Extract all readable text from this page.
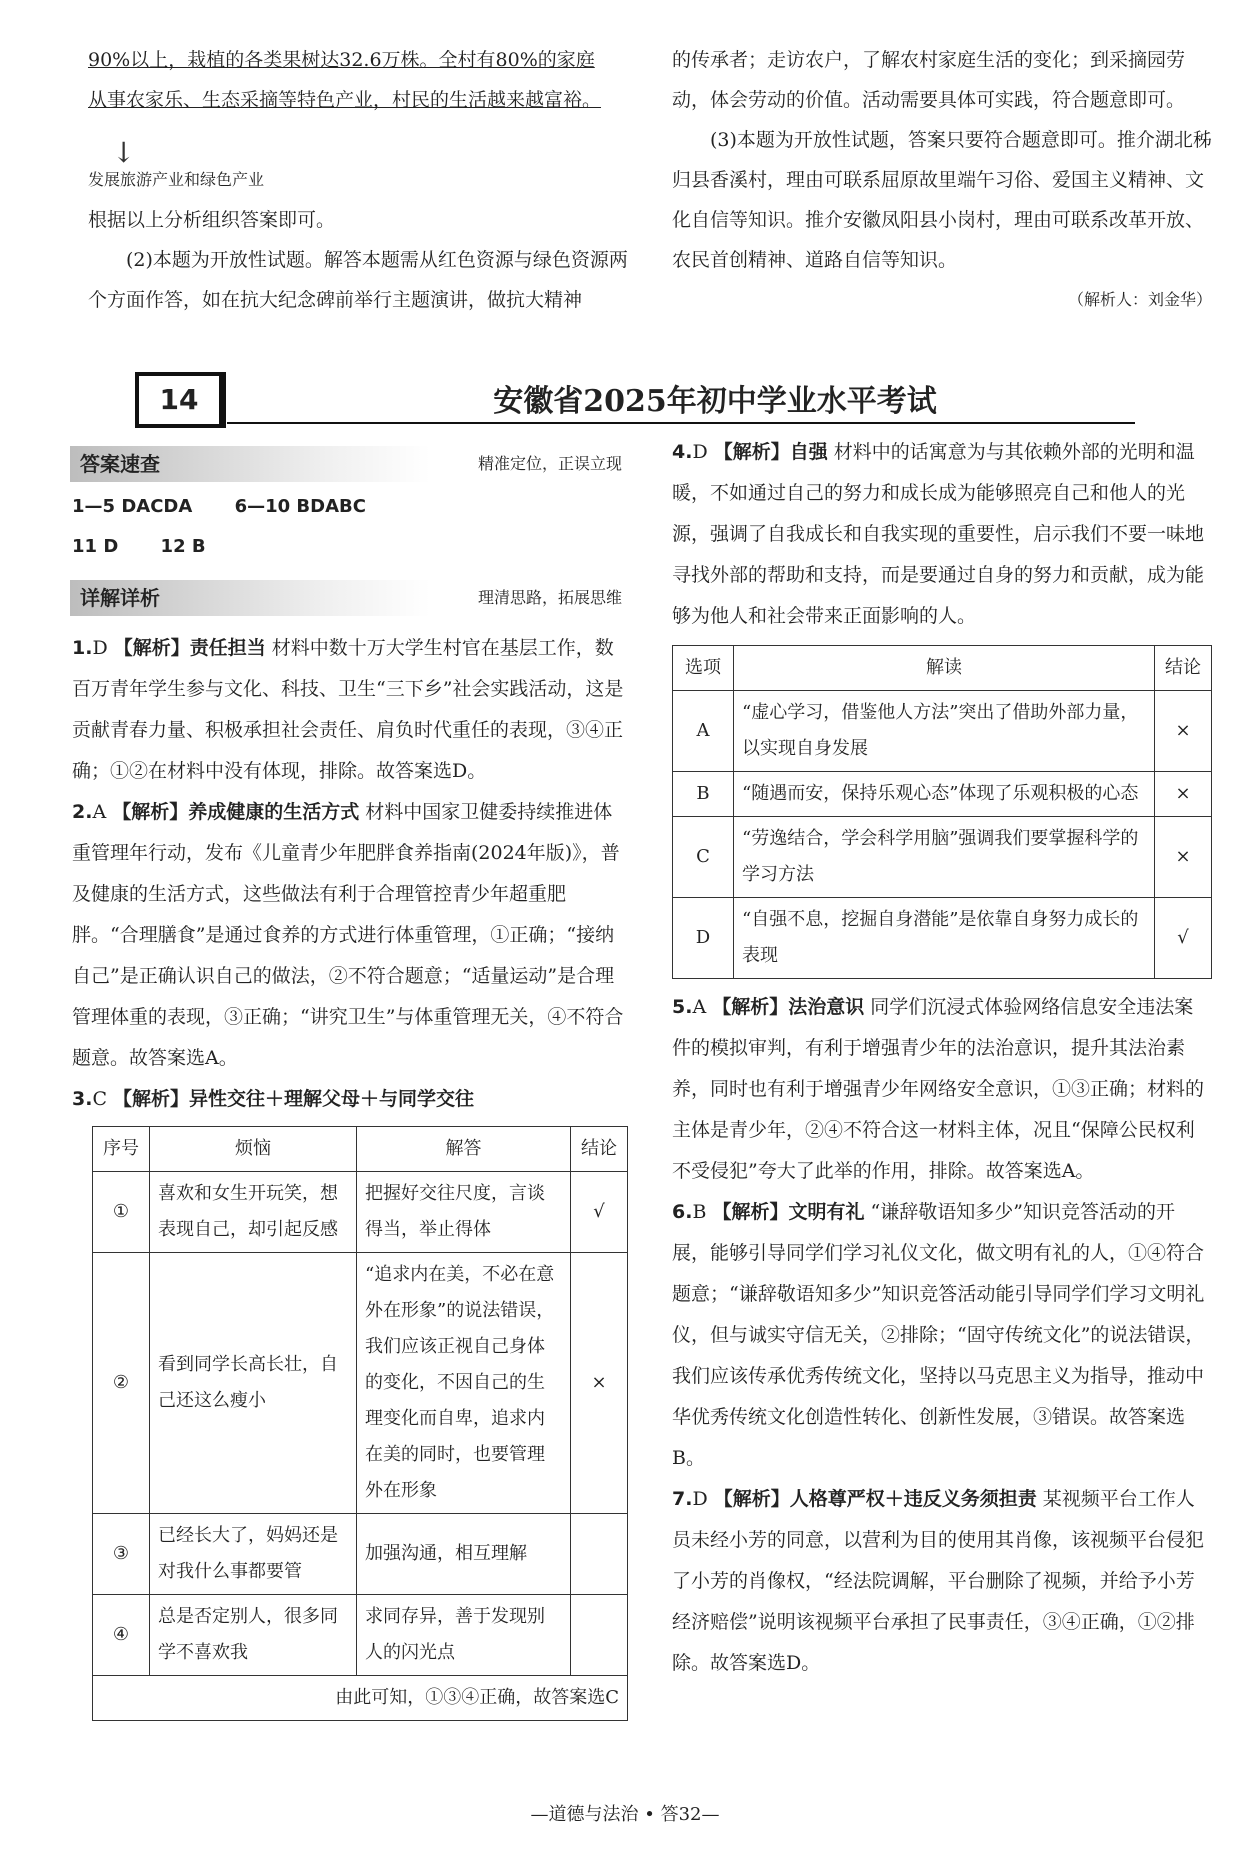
90%以上，栽植的各类果树达32.6万株。全村有80%的家庭

从事农家乐、生态采摘等特色产业，村民的生活越来越富裕。

发展旅游产业和绿色产业

根据以上分析组织答案即可。

(2)本题为开放性试题。解答本题需从红色资源与绿色资源两个方面作答，如在抗大纪念碑前举行主题演讲，做抗大精神

↓

的传承者；走访农户，了解农村家庭生活的变化；到采摘园劳动，体会劳动的价值。活动需要具体可实践，符合题意即可。

(3)本题为开放性试题，答案只要符合题意即可。推介湖北秭归县香溪村，理由可联系屈原故里端午习俗、爱国主义精神、文化自信等知识。推介安徽凤阳县小岗村，理由可联系改革开放、农民首创精神、道路自信等知识。

（解析人：刘金华）

14	安徽省2025年初中学业水平考试
答案速查	精准定位，正误立现
1—5 DACDA 6—10 BDABC
11 D 12 B
详解详析	理清思路，拓展思维

1.D 【解析】责任担当 材料中数十万大学生村官在基层工作，数百万青年学生参与文化、科技、卫生“三下乡”社会实践活动，这是贡献青春力量、积极承担社会责任、肩负时代重任的表现，③④正确；①②在材料中没有体现，排除。故答案选D。

2.A 【解析】养成健康的生活方式 材料中国家卫健委持续推进体重管理年行动，发布《儿童青少年肥胖食养指南(2024年版)》，普及健康的生活方式，这些做法有利于合理管控青少年超重肥胖。“合理膳食”是通过食养的方式进行体重管理，①正确；“接纳自己”是正确认识自己的做法，②不符合题意；“适量运动”是合理管理体重的表现，③正确；“讲究卫生”与体重管理无关，④不符合题意。故答案选A。

3.C 【解析】异性交往＋理解父母＋与同学交往

序号	烦恼	解答	结论
①	喜欢和女生开玩笑，想表现自己，却引起反感	把握好交往尺度，言谈得当，举止得体	√
②	看到同学长高长壮，自己还这么瘦小	“追求内在美，不必在意外在形象”的说法错误，我们应该正视自己身体的变化，不因自己的生理变化而自卑，追求内在美的同时，也要管理外在形象	×
③	已经长大了，妈妈还是对我什么事都要管	加强沟通，相互理解	
④	总是否定别人，很多同学不喜欢我	求同存异，善于发现别人的闪光点	
由此可知，①③④正确，故答案选C			

4.D 【解析】自强 材料中的话寓意为与其依赖外部的光明和温暖，不如通过自己的努力和成长成为能够照亮自己和他人的光源，强调了自我成长和自我实现的重要性，启示我们不要一味地寻找外部的帮助和支持，而是要通过自身的努力和贡献，成为能够为他人和社会带来正面影响的人。

选项	解读	结论
A	“虚心学习，借鉴他人方法”突出了借助外部力量，以实现自身发展	×
B	“随遇而安，保持乐观心态”体现了乐观积极的心态	×
C	“劳逸结合，学会科学用脑”强调我们要掌握科学的学习方法	×
D	“自强不息，挖掘自身潜能”是依靠自身努力成长的表现	√

5.A 【解析】法治意识 同学们沉浸式体验网络信息安全违法案件的模拟审判，有利于增强青少年的法治意识，提升其法治素养，同时也有利于增强青少年网络安全意识，①③正确；材料的主体是青少年，②④不符合这一材料主体，况且“保障公民权利不受侵犯”夸大了此举的作用，排除。故答案选A。

6.B 【解析】文明有礼 “谦辞敬语知多少”知识竞答活动的开展，能够引导同学们学习礼仪文化，做文明有礼的人，①④符合题意；“谦辞敬语知多少”知识竞答活动能引导同学们学习文明礼仪，但与诚实守信无关，②排除；“固守传统文化”的说法错误，我们应该传承优秀传统文化，坚持以马克思主义为指导，推动中华优秀传统文化创造性转化、创新性发展，③错误。故答案选B。

7.D 【解析】人格尊严权＋违反义务须担责 某视频平台工作人员未经小芳的同意，以营利为目的使用其肖像，该视频平台侵犯了小芳的肖像权，“经法院调解，平台删除了视频，并给予小芳经济赔偿”说明该视频平台承担了民事责任，③④正确，①②排除。故答案选D。

—道德与法治 • 答32—
